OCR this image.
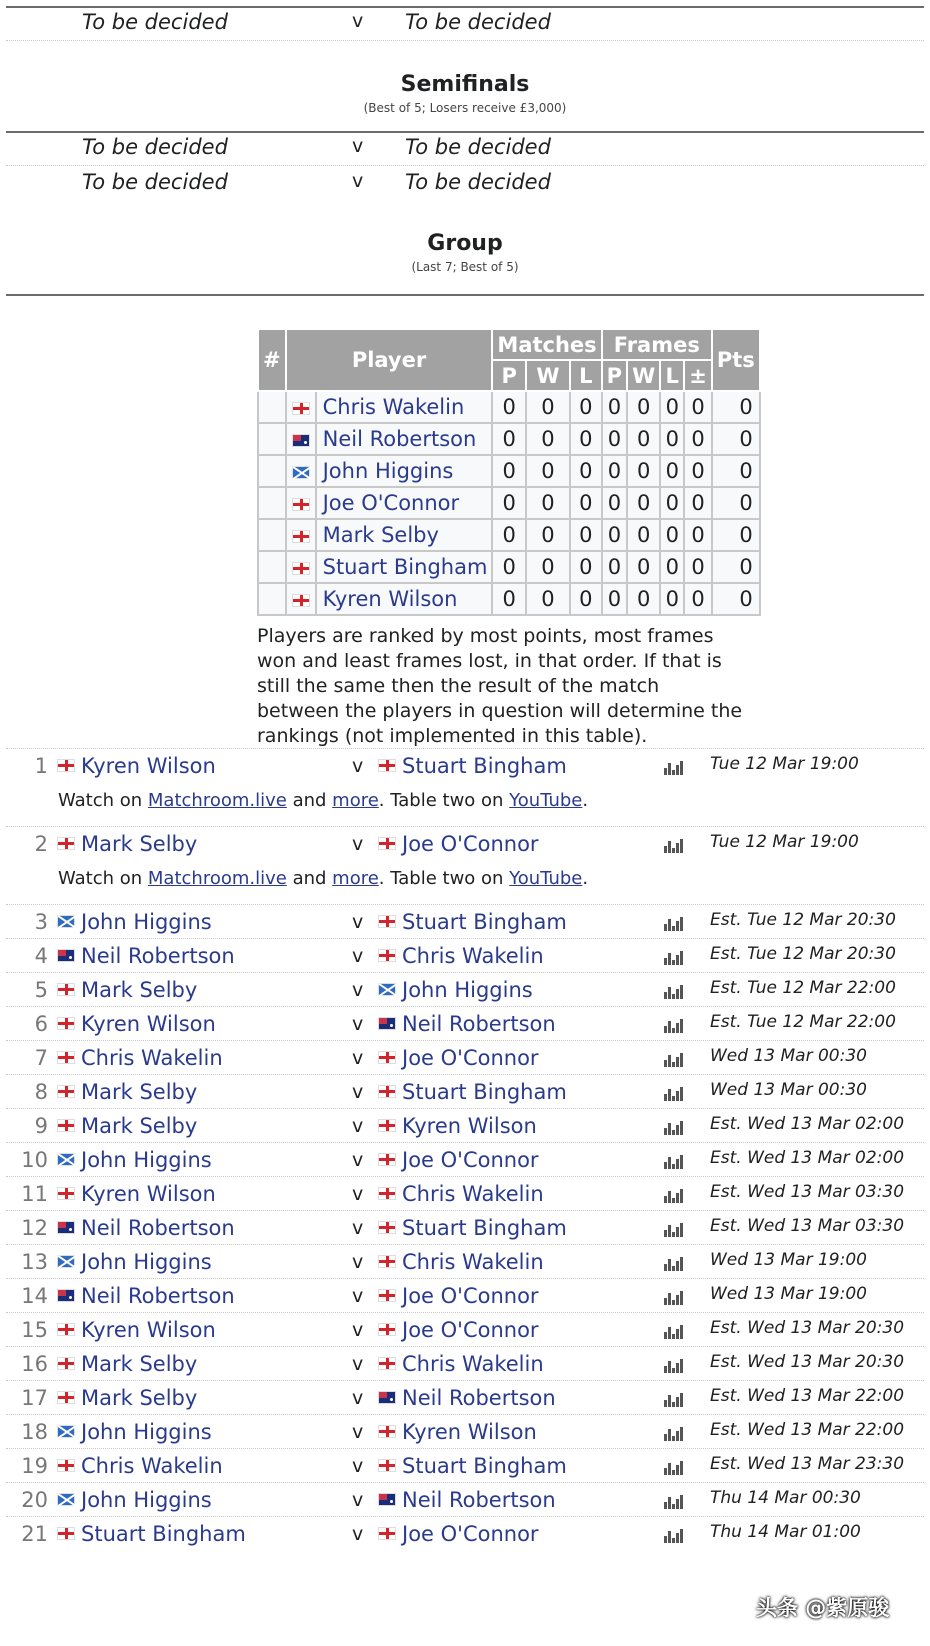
To be decided	v To be decided
Semifinals
(Best of 5; Losers receive £3,000)
To be decided	v To be decided
To be decided	v To be decided
Group
(Last 7; Best of 5)
#	Player		Matches			Frames				Pts
			P	W	L	P	W	L	±	
		Chris Wakelin	0	0	0	0	0	0	0	0
		Neil Robertson	0	0	0	0	0	0	0	0
		John Higgins	0	0	0	0	0	0	0	0
		Joe O'Connor	0	0	0	0	0	0	0	0
		Mark Selby	0	0	0	0	0	0	0	0
		Stuart Bingham	0	0	0	0	0	0	0	0
		Kyren Wilson	0	0	0	0	0	0	0	0
Players are ranked by most points, most frames won and least frames lost, in that order. If that is still the same then the result of the match between the players in question will determine the rankings (not implemented in this table).
1 Kyren Wilson	v Stuart Bingham	Tue 12 Mar 19:00
Watch on Matchroom.live and more. Table two on YouTube.
2 Mark Selby	v Joe O'Connor	Tue 12 Mar 19:00
Watch on Matchroom.live and more. Table two on YouTube.
3 John Higgins	v Stuart Bingham	Est. Tue 12 Mar 20:30
4 Neil Robertson	v Chris Wakelin	Est. Tue 12 Mar 20:30
5 Mark Selby	v John Higgins	Est. Tue 12 Mar 22:00
6 Kyren Wilson	v Neil Robertson	Est. Tue 12 Mar 22:00
7 Chris Wakelin	v Joe O'Connor	Wed 13 Mar 00:30
8 Mark Selby	v Stuart Bingham	Wed 13 Mar 00:30
9 Mark Selby	v Kyren Wilson	Est. Wed 13 Mar 02:00
10 John Higgins	v Joe O'Connor	Est. Wed 13 Mar 02:00
11 Kyren Wilson	v Chris Wakelin	Est. Wed 13 Mar 03:30
12 Neil Robertson	v Stuart Bingham	Est. Wed 13 Mar 03:30
13 John Higgins	v Chris Wakelin	Wed 13 Mar 19:00
14 Neil Robertson	v Joe O'Connor	Wed 13 Mar 19:00
15 Kyren Wilson	v Joe O'Connor	Est. Wed 13 Mar 20:30
16 Mark Selby	v Chris Wakelin	Est. Wed 13 Mar 20:30
17 Mark Selby	v Neil Robertson	Est. Wed 13 Mar 22:00
18 John Higgins	v Kyren Wilson	Est. Wed 13 Mar 22:00
19 Chris Wakelin	v Stuart Bingham	Est. Wed 13 Mar 23:30
20 John Higgins	v Neil Robertson	Thu 14 Mar 00:30
21 Stuart Bingham	v Joe O'Connor	Thu 14 Mar 01:00
头条 @紫原骏
